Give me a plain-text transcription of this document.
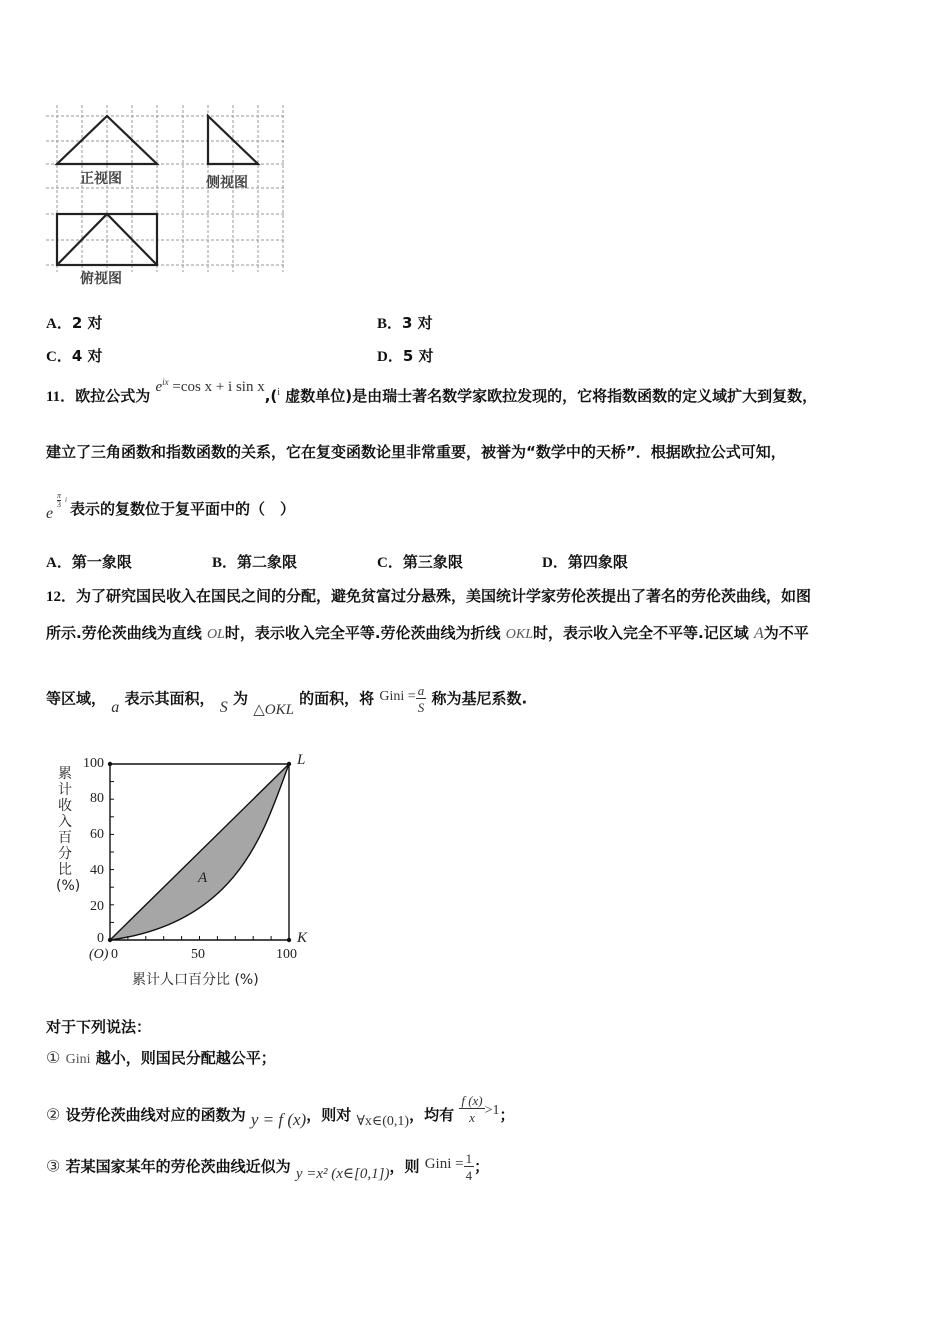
正视图	侧视图
俯视图
A．2 对	B．3 对
C．4 对	D．5 对
11．欧拉公式为 $e^{ix} =\cos$ x + i sin x,($^i$ 虚数单位)是由瑞士著名数学家欧拉发现的，它将指数函数的定义域扩大到复数，
建立了三角函数和指数函数的关系，它在复变函数论里非常重要，被誉为“数学中的天桥”．根据欧拉公式可知，
e
π
3 i 表示的复数位于复平面中的（　）
A．第一象限	B．第二象限	C．第三象限	D．第四象限
12．为了研究国民收入在国民之间的分配，避免贫富过分悬殊，美国统计学家劳伦茨提出了著名的劳伦茨曲线，如图
所示.劳伦茨曲线为直线 OL时，表示收入完全平等.劳伦茨曲线为折线 OKL时，表示收入完全不平等.记区域 A为不平
等区域， a 表示其面积， S 为 △OKL 的面积，将 Gini = $\frac{a}{S}$ 称为基尼系数.
100
80
60
40
20
0
累计收入百分比(%)
(O) 0	50	100
累计人口百分比 (%)
L
K
A
对于下列说法：
① Gini 越小，则国民分配越公平；
② 设劳伦茨曲线对应的函数为 y = f (x)，则对 ∀x∈(0,1)，均有 $\frac{f (x)}{x} >1$；
③ 若某国家某年的劳伦茨曲线近似为 y =x² (x∈[0,1])，则 Gini = $\frac{1}{4}$ ；
